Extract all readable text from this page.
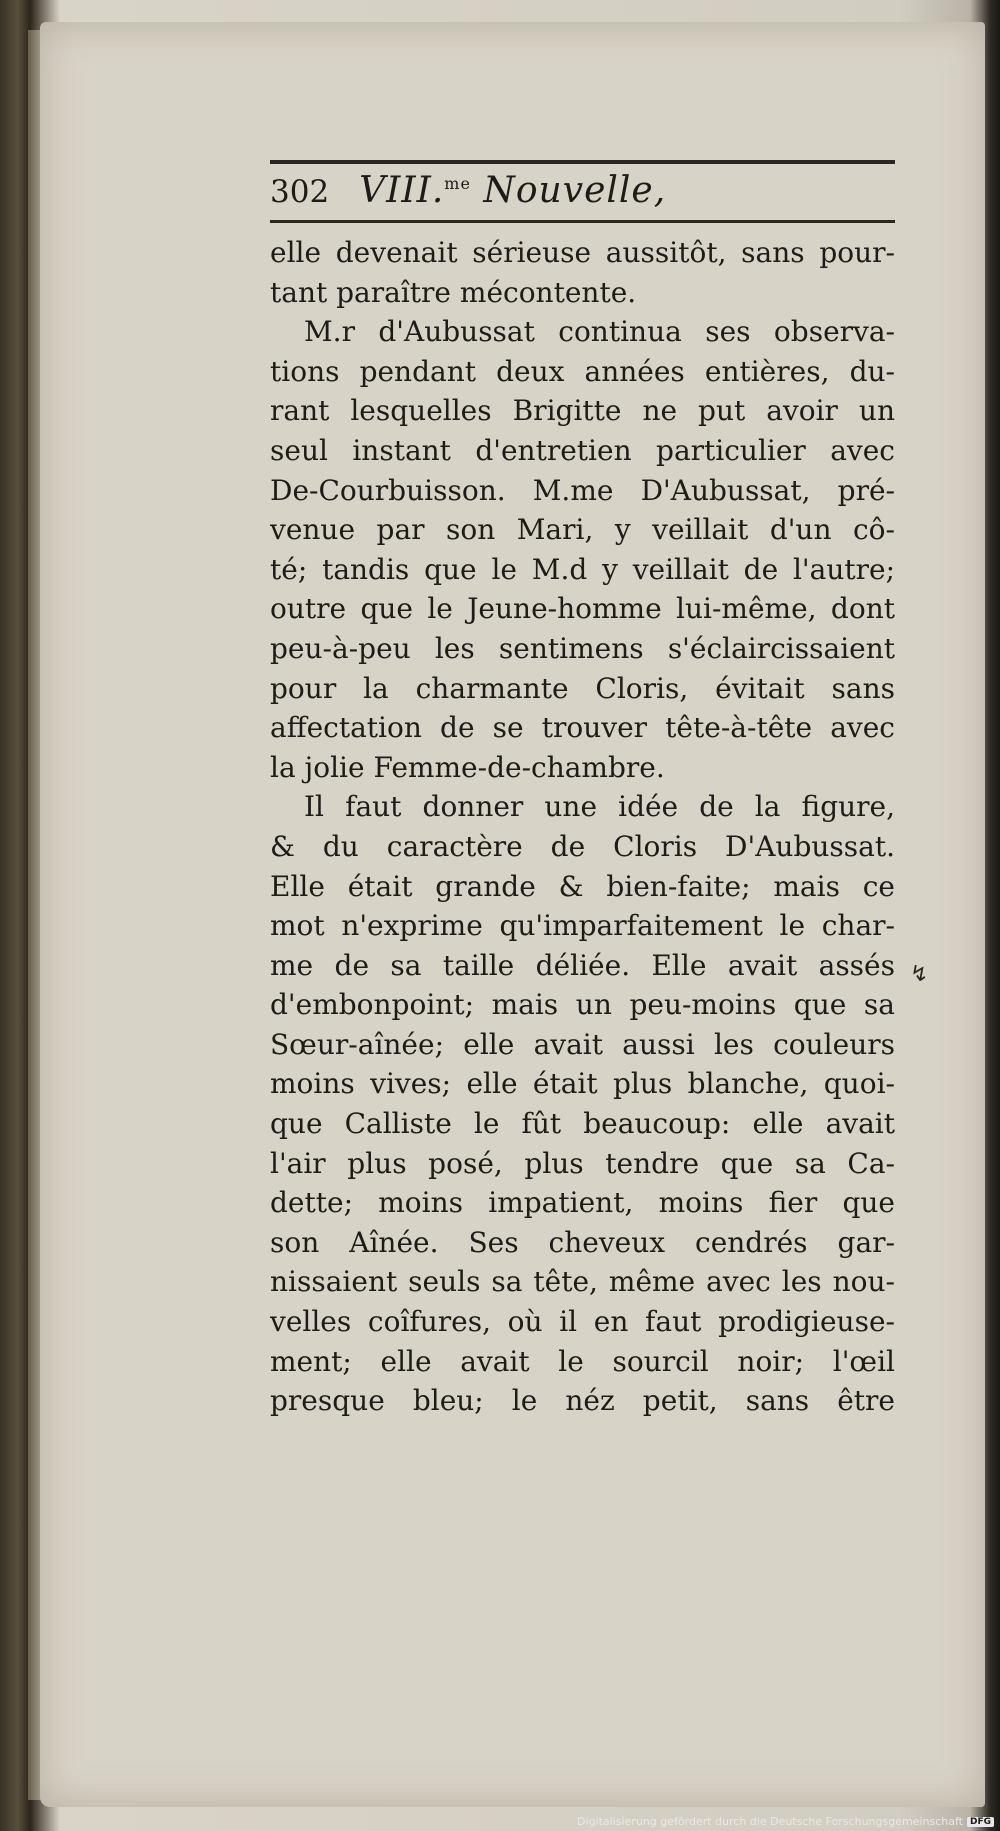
302 VIII.$^{me}$ Nouvelle,
elle devenait sérieuse aussitôt, sans pour-
tant paraître mécontente.
M.r d'Aubussat continua ses observa-
tions pendant deux années entières, du-
rant lesquelles Brigitte ne put avoir un
seul instant d'entretien particulier avec
De-Courbuisson. M.me D'Aubussat, pré-
venue par son Mari, y veillait d'un cô-
té; tandis que le M.d y veillait de l'autre;
outre que le Jeune-homme lui-même, dont
peu-à-peu les sentimens s'éclaircissaient
pour la charmante Cloris, évitait sans
affectation de se trouver tête-à-tête avec
la jolie Femme-de-chambre.
Il faut donner une idée de la figure,
& du caractère de Cloris D'Aubussat.
Elle était grande & bien-faite; mais ce
mot n'exprime qu'imparfaitement le char-
me de sa taille déliée. Elle avait assés
d'embonpoint; mais un peu-moins que sa
Sœur-aînée; elle avait aussi les couleurs
moins vives; elle était plus blanche, quoi-
que Calliste le fût beaucoup: elle avait
l'air plus posé, plus tendre que sa Ca-
dette; moins impatient, moins fier que
son Aînée. Ses cheveux cendrés gar-
nissaient seuls sa tête, même avec les nou-
velles coîfures, où il en faut prodigieuse-
ment; elle avait le sourcil noir; l'œil
presque bleu; le néz petit, sans être
↯
Digitalisierung gefördert durch die Deutsche Forschungsgemeinschaft DFG
